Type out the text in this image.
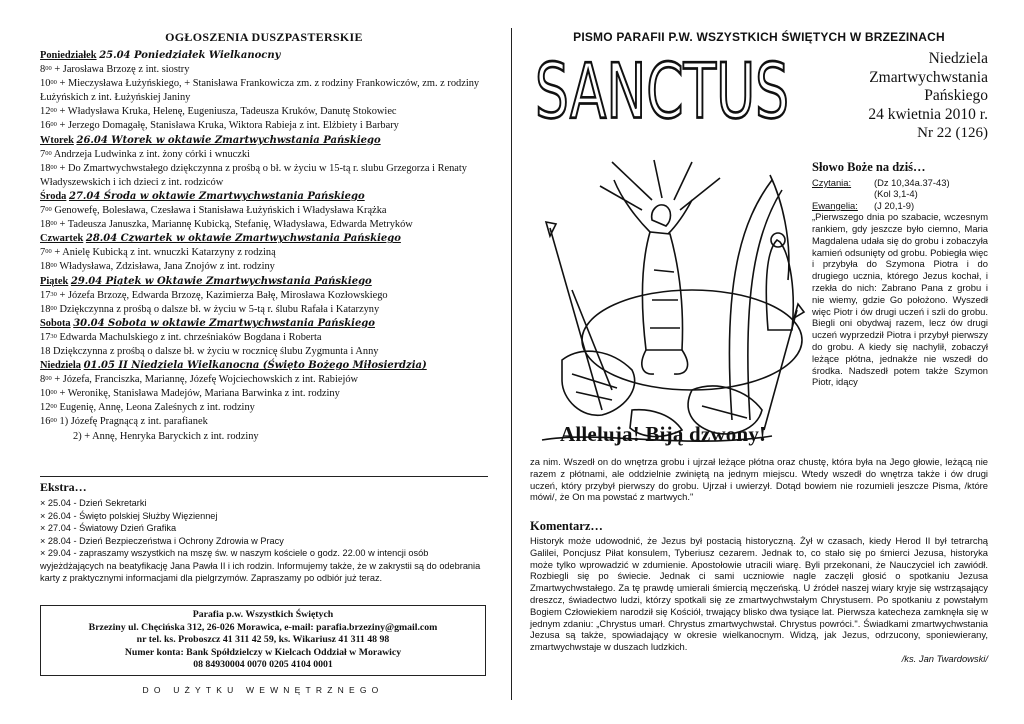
OGŁOSZENIA DUSZPASTERSKIE
Poniedziałek 25.04 Poniedziałek Wielkanocny
$8^{00}$ + Jarosława Brzozę z int. siostry
$10^{00}$ + Mieczysława Łużyńskiego, + Stanisława Frankowicza zm. z rodziny Frankowiczów, zm. z rodziny Łużyńskich z int. Łużyńskiej Janiny
$12^{00}$ + Władysława Kruka, Helenę, Eugeniusza, Tadeusza Kruków, Danutę Stokowiec
$16^{00}$ + Jerzego Domagałę, Stanisława Kruka, Wiktora Rabieja z int. Elżbiety i Barbary
Wtorek 26.04 Wtorek w oktawie Zmartwychwstania Pańskiego
$7^{00}$ Andrzeja Ludwinka z int. żony córki i wnuczki
$18^{00} + Do$ Zmartwychwstałego dziękczynna z prośbą o bł. w życiu w 15-tą r. slubu Grzegorza i Renaty Władyszewskich i ich dzieci z int. rodziców
Środa 27.04 Środa w oktawie Zmartwychwstania Pańskiego
$7^{00}$ Genowefę, Bolesława, Czesława i Stanisława Łużyńskich i Władysława Krążka
$18^{00}$ + Tadeusza Januszka, Mariannę Kubicką, Stefanię, Władysława, Edwarda Metryków
Czwartek 28.04 Czwartek w oktawie Zmartwychwstania Pańskiego
$7^{00}$ + Anielę Kubicką z int. wnuczki Katarzyny z rodziną
$18^{00}$ Władysława, Zdzisława, Jana Znojów z int. rodziny
Piątek 29.04 Piątek w Oktawie Zmartwychwstania Pańskiego
$17^{30}$ + Józefa Brzozę, Edwarda Brzozę, Kazimierza Bałę, Mirosława Kozłowskiego
$18^{00}$ Dziękczynna z prośbą o dalsze bł. w życiu w 5-tą r. ślubu Rafała i Katarzyny
Sobota 30.04 Sobota w oktawie Zmartwychwstania Pańskiego
$17^{30}$ Edwarda Machulskiego z int. chrześniaków Bogdana i Roberta
18 Dziękczynna z prośbą o dalsze bł. w życiu w rocznicę ślubu Zygmunta i Anny
Niedziela 01.05 II Niedziela Wielkanocna (Święto Bożego Miłosierdzia)
$8^{00}$ + Józefa, Franciszka, Mariannę, Józefę Wojciechowskich z int. Rabiejów
$10^{00}$ + Weronikę, Stanisława Madejów, Mariana Barwinka z int. rodziny
$12^{00}$ Eugenię, Annę, Leona Zaleśnych z int. rodziny
$16^{00}$ 1) Józefę Pragnącą z int. parafianek
2) + Annę, Henryka Baryckich z int. rodziny
Ekstra…
× 25.04 - Dzień Sekretarki
× 26.04 - Święto polskiej Służby Więziennej
× 27.04 - Światowy Dzień Grafika
× 28.04 - Dzień Bezpieczeństwa i Ochrony Zdrowia w Pracy
× 29.04 - zapraszamy wszystkich na mszę św. w naszym kościele o godz. 22.00 w intencji osób wyjeżdżających na beatyfikację Jana Pawła II i ich rodzin. Informujemy także, że w zakrystii są do odebrania karty z praktycznymi informacjami dla pielgrzymów. Zapraszamy po odbiór już teraz.
Parafia p.w. Wszystkich Świętych
Brzeziny ul. Chęcińska 312, 26-026 Morawica, e-mail: parafia.brzeziny@gmail.com
nr tel. ks. Proboszcz 41 311 42 59, ks. Wikariusz 41 311 48 98
Numer konta: Bank Spółdzielczy w Kielcach Oddział w Morawicy
08 84930004 0070 0205 4104 0001
DO UŻYTKU WEWNĘTRZNEGO
PISMO PARAFII P.W. WSZYSTKICH ŚWIĘTYCH W BRZEZINACH
SANCTUS	Niedziela
Zmartwychwstania
Pańskiego
24 kwietnia 2010 r.
Nr 22 (126)
Alleluja! Biją dzwony!
Słowo Boże na dziś…
Czytania: (Dz 10,34a.37-43)
(Kol 3,1-4)
Ewangelia: (J 20,1-9)

„Pierwszego dnia po szabacie, wczesnym rankiem, gdy jeszcze było ciemno, Maria Magdalena udała się do grobu i zobaczyła kamień odsunięty od grobu. Pobiegła więc i przybyła do Szymona Piotra i do drugiego ucznia, którego Jezus kochał, i rzekła do nich: Zabrano Pana z grobu i nie wiemy, gdzie Go położono. Wyszedł więc Piotr i ów drugi uczeń i szli do grobu. Biegli oni obydwaj razem, lecz ów drugi uczeń wyprzedził Piotra i przybył pierwszy do grobu. A kiedy się nachylił, zobaczył leżące płótna, jednakże nie wszedł do środka. Nadszedł potem także Szymon Piotr, idący

za nim. Wszedł on do wnętrza grobu i ujrzał leżące płótna oraz chustę, która była na Jego głowie, leżącą nie razem z płótnami, ale oddzielnie zwiniętą na jednym miejscu. Wtedy wszedł do wnętrza także i ów drugi uczeń, który przybył pierwszy do grobu. Ujrzał i uwierzył. Dotąd bowiem nie rozumieli jeszcze Pisma, /które mówi/, że On ma powstać z martwych."

Komentarz…

Historyk może udowodnić, że Jezus był postacią historyczną. Żył w czasach, kiedy Herod II był tetrarchą Galilei, Poncjusz Piłat konsulem, Tyberiusz cezarem. Jednak to, co stało się po śmierci Jezusa, historyka może tylko wprowadzić w zdumienie. Apostołowie utracili wiarę. Byli przekonani, że Nauczyciel ich zawiódł. Rozbiegli się po świecie. Jednak ci sami uczniowie nagle zaczęli głosić o spotkaniu Jezusa Zmartwychwstałego. Za tę prawdę umierali śmiercią męczeńską. U źródeł naszej wiary kryje się wstrząsający dreszcz, świadectwo ludzi, którzy spotkali się ze zmartwychwstałym Chrystusem. Po spotkaniu z powstałym Bogiem Człowiekiem narodził się Kościół, trwający blisko dwa tysiące lat. Pierwsza katecheza zamknęła się w jednym zdaniu: „Chrystus umarł. Chrystus zmartwychwstał. Chrystus powróci.". Świadkami zmartwychwstania Jezusa są także, spowiadający w okresie wielkanocnym. Widzą, jak Jezus, odrzucony, sponiewierany, zmartwychwstaje w duszach ludzkich.

/ks. Jan Twardowski/
